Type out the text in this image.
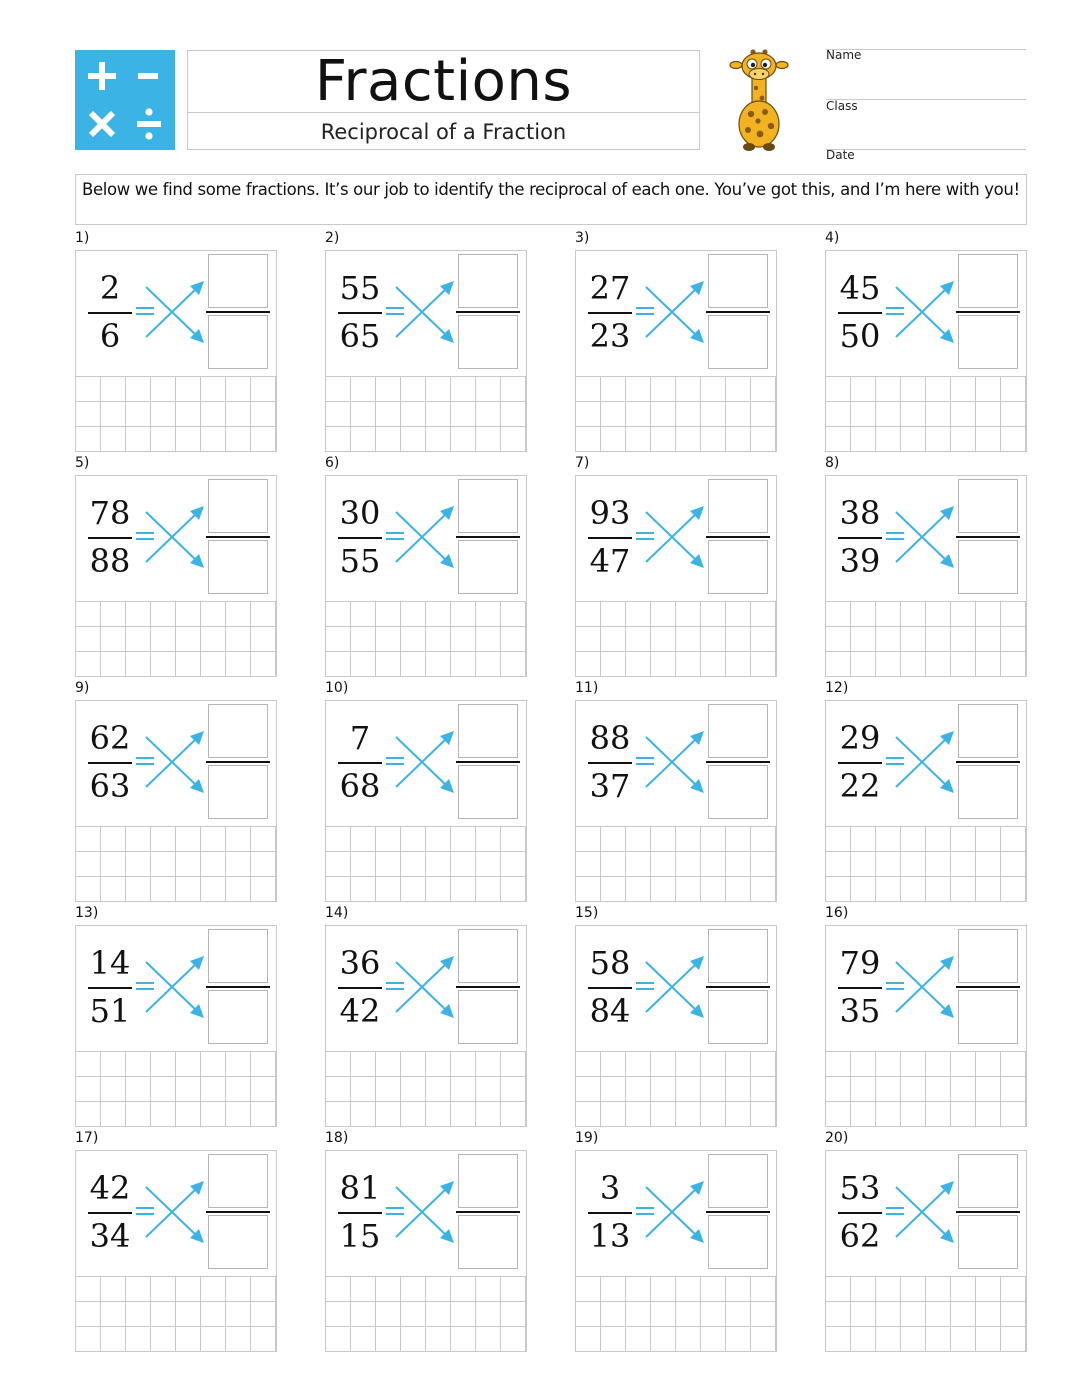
Fractions
Reciprocal of a Fraction
Name
Class
Date
Below we find some fractions. It’s our job to identify the reciprocal of each one. You’ve got this, and I’m here with you!
1)
2
6
2)
55
65
3)
27
23
4)
45
50
5)
78
88
6)
30
55
7)
93
47
8)
38
39
9)
62
63
10)
7
68
11)
88
37
12)
29
22
13)
14
51
14)
36
42
15)
58
84
16)
79
35
17)
42
34
18)
81
15
19)
3
13
20)
53
62
